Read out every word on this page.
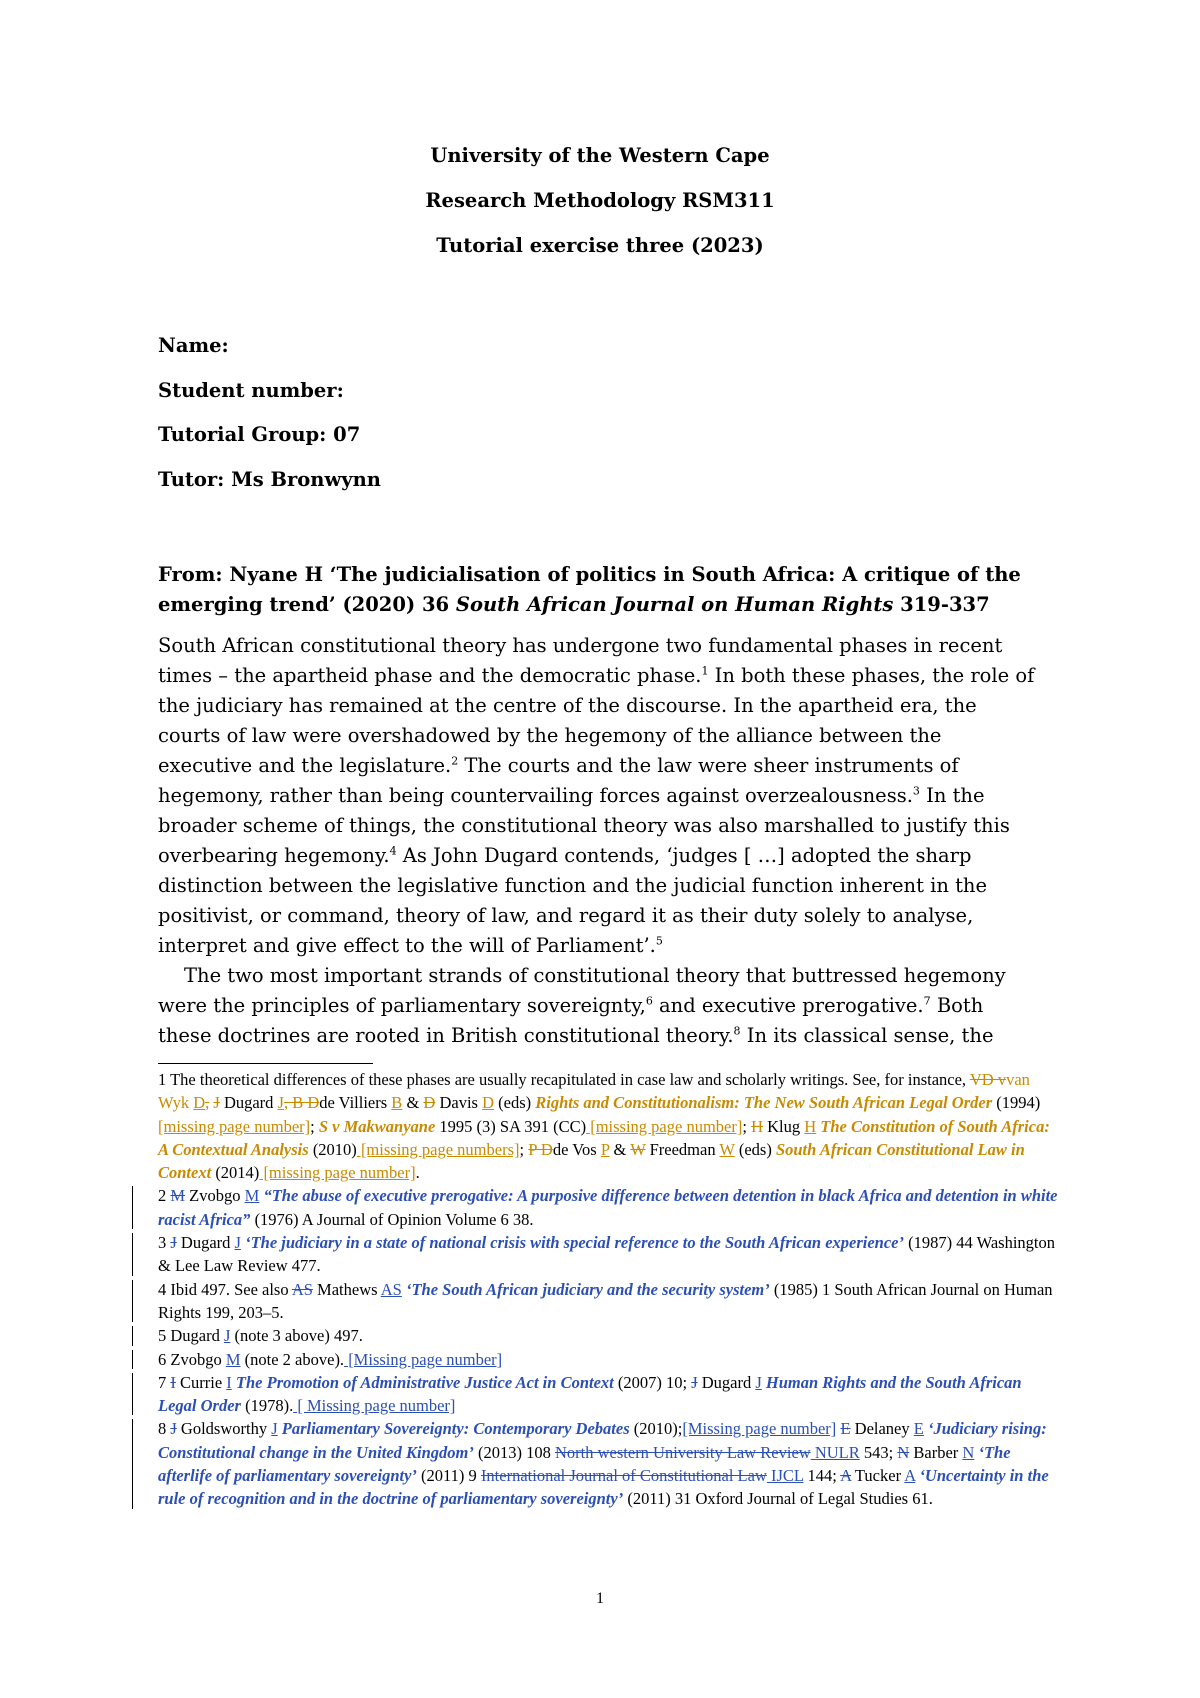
University of the Western Cape
Research Methodology RSM311
Tutorial exercise three (2023)
Name:
Student number:
Tutorial Group: 07
Tutor: Ms Bronwynn
From: Nyane H ‘The judicialisation of politics in South Africa: A critique of the emerging trend’ (2020) 36 South African Journal on Human Rights 319-337

South African constitutional theory has undergone two fundamental phases in recent times – the apartheid phase and the democratic phase.$^1$ In both these phases, the role of the judiciary has remained at the centre of the discourse. In the apartheid era, the courts of law were overshadowed by the hegemony of the alliance between the executive and the legislature.$^2$ The courts and the law were sheer instruments of hegemony, rather than being countervailing forces against overzealousness.$^3$ In the broader scheme of things, the constitutional theory was also marshalled to justify this overbearing hegemony.$^4$ As John Dugard contends, ‘judges [ …] adopted the sharp distinction between the legislative function and the judicial function inherent in the positivist, or command, theory of law, and regard it as their duty solely to analyse, interpret and give effect to the will of Parliament’.$^5$

The two most important strands of constitutional theory that buttressed hegemony were the principles of parliamentary sovereignty,$^6$ and executive prerogative.$^7$ Both these doctrines are rooted in British constitutional theory.$^8$ In its classical sense, the

1 The theoretical differences of these phases are usually recapitulated in case law and scholarly writings. See, for instance, VD vvan Wyk D, J Dugard J, B Dde Villiers B & D Davis D (eds) Rights and Constitutionalism: The New South African Legal Order (1994) [missing page number]; S v Makwanyane 1995 (3) SA 391 (CC) [missing page number]; H Klug H The Constitution of South Africa: A Contextual Analysis (2010) [missing page numbers]; P Dde Vos P & W Freedman W (eds) South African Constitutional Law in Context (2014) [missing page number].
2 M Zvobgo M “The abuse of executive prerogative: A purposive difference between detention in black Africa and detention in white racist Africa” (1976) A Journal of Opinion Volume 6 38.
3 J Dugard J ‘The judiciary in a state of national crisis with special reference to the South African experience’ (1987) 44 Washington & Lee Law Review 477.
4 Ibid 497. See also AS Mathews AS ‘The South African judiciary and the security system’ (1985) 1 South African Journal on Human Rights 199, 203–5.
5 Dugard J (note 3 above) 497.
6 Zvobgo M (note 2 above). [Missing page number]
7 I Currie I The Promotion of Administrative Justice Act in Context (2007) 10; J Dugard J Human Rights and the South African Legal Order (1978). [ Missing page number]
8 J Goldsworthy J Parliamentary Sovereignty: Contemporary Debates (2010);[Missing page number] E Delaney E ‘Judiciary rising: Constitutional change in the United Kingdom’ (2013) 108 North western University Law Review NULR 543; N Barber N ‘The afterlife of parliamentary sovereignty’ (2011) 9 International Journal of Constitutional Law IJCL 144; A Tucker A ‘Uncertainty in the rule of recognition and in the doctrine of parliamentary sovereignty’ (2011) 31 Oxford Journal of Legal Studies 61.
1
